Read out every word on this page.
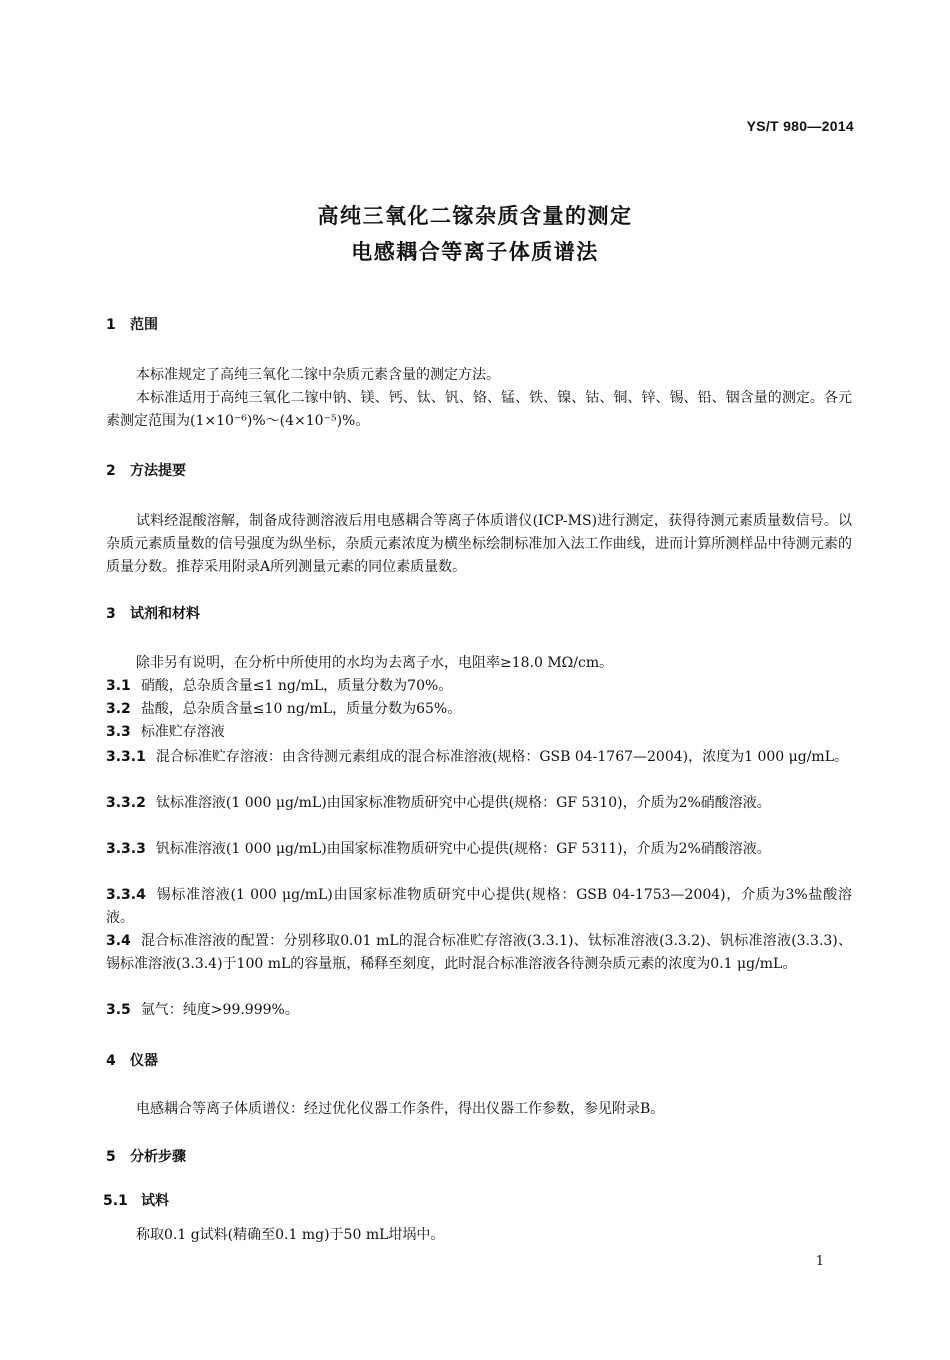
YS/T 980—2014
高纯三氧化二镓杂质含量的测定
电感耦合等离子体质谱法
1 范围
本标准规定了高纯三氧化二镓中杂质元素含量的测定方法。
本标准适用于高纯三氧化二镓中钠、镁、钙、钛、钒、铬、锰、铁、镍、钴、铜、锌、锡、铅、铟含量的测定。各元素测定范围为(1×10⁻⁶)%～(4×10⁻⁵)%。
2 方法提要
试料经混酸溶解，制备成待测溶液后用电感耦合等离子体质谱仪(ICP-MS)进行测定，获得待测元素质量数信号。以杂质元素质量数的信号强度为纵坐标，杂质元素浓度为横坐标绘制标准加入法工作曲线，进而计算所测样品中待测元素的质量分数。推荐采用附录A所列测量元素的同位素质量数。
3 试剂和材料
除非另有说明，在分析中所使用的水均为去离子水，电阻率≥18.0 MΩ/cm。
3.1 硝酸，总杂质含量≤1 ng/mL，质量分数为70%。
3.2 盐酸，总杂质含量≤10 ng/mL，质量分数为65%。
3.3 标准贮存溶液
3.3.1 混合标准贮存溶液：由含待测元素组成的混合标准溶液(规格：GSB 04-1767—2004)，浓度为1 000 μg/mL。
3.3.2 钛标准溶液(1 000 μg/mL)由国家标准物质研究中心提供(规格：GF 5310)，介质为2%硝酸溶液。
3.3.3 钒标准溶液(1 000 μg/mL)由国家标准物质研究中心提供(规格：GF 5311)，介质为2%硝酸溶液。
3.3.4 锡标准溶液(1 000 μg/mL)由国家标准物质研究中心提供(规格：GSB 04-1753—2004)，介质为3%盐酸溶液。
3.4 混合标准溶液的配置：分别移取0.01 mL的混合标准贮存溶液(3.3.1)、钛标准溶液(3.3.2)、钒标准溶液(3.3.3)、锡标准溶液(3.3.4)于100 mL的容量瓶，稀释至刻度，此时混合标准溶液各待测杂质元素的浓度为0.1 μg/mL。
3.5 氩气：纯度>99.999%。
4 仪器
电感耦合等离子体质谱仪：经过优化仪器工作条件，得出仪器工作参数，参见附录B。
5 分析步骤
5.1 试料
称取0.1 g试料(精确至0.1 mg)于50 mL坩埚中。
1
